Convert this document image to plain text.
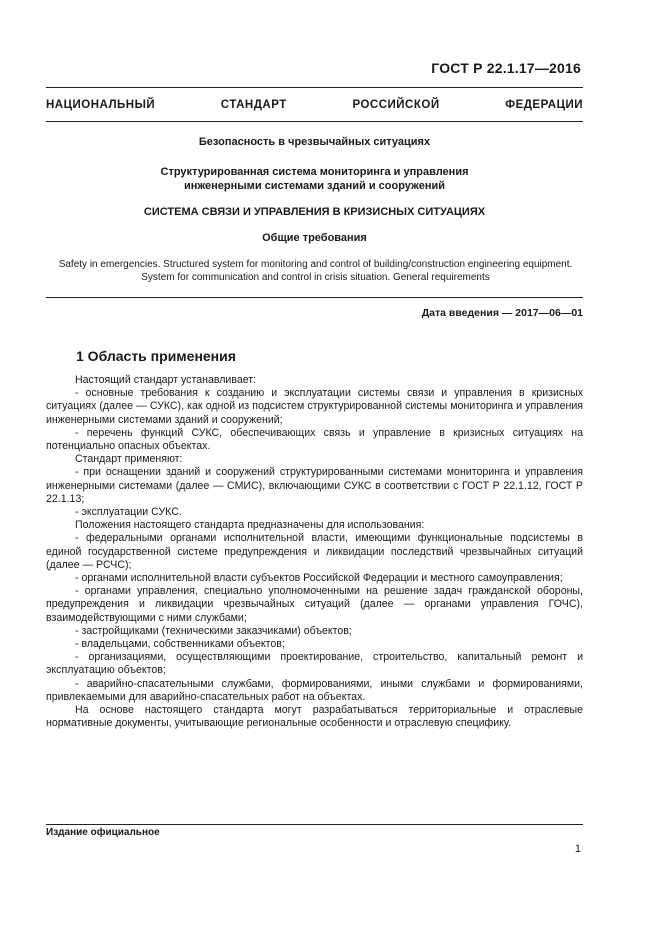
ГОСТ Р 22.1.17—2016
НАЦИОНАЛЬНЫЙ СТАНДАРТ РОССИЙСКОЙ ФЕДЕРАЦИИ
Безопасность в чрезвычайных ситуациях
Структурированная система мониторинга и управления
инженерными системами зданий и сооружений
СИСТЕМА СВЯЗИ И УПРАВЛЕНИЯ В КРИЗИСНЫХ СИТУАЦИЯХ
Общие требования
Safety in emergencies. Structured system for monitoring and control of building/construction engineering equipment.
System for communication and control in crisis situation. General requirements
Дата введения — 2017—06—01
1 Область применения

Настоящий стандарт устанавливает:

- основные требования к созданию и эксплуатации системы связи и управления в кризисных ситуациях (далее — СУКС), как одной из подсистем структурированной системы мониторинга и управления инженерными системами зданий и сооружений;

- перечень функций СУКС, обеспечивающих связь и управление в кризисных ситуациях на потенциально опасных объектах.

Стандарт применяют:

- при оснащении зданий и сооружений структурированными системами мониторинга и управления инженерными системами (далее — СМИС), включающими СУКС в соответствии с ГОСТ Р 22.1.12, ГОСТ Р 22.1.13;

- эксплуатации СУКС.

Положения настоящего стандарта предназначены для использования:

- федеральными органами исполнительной власти, имеющими функциональные подсистемы в единой государственной системе предупреждения и ликвидации последствий чрезвычайных ситуаций (далее — РСЧС);

- органами исполнительной власти субъектов Российской Федерации и местного самоуправления;

- органами управления, специально уполномоченными на решение задач гражданской обороны, предупреждения и ликвидации чрезвычайных ситуаций (далее — органами управления ГОЧС), взаимодействующими с ними службами;

- застройщиками (техническими заказчиками) объектов;

- владельцами, собственниками объектов;

- организациями, осуществляющими проектирование, строительство, капитальный ремонт и эксплуатацию объектов;

- аварийно-спасательными службами, формированиями, иными службами и формированиями, привлекаемыми для аварийно-спасательных работ на объектах.

На основе настоящего стандарта могут разрабатываться территориальные и отраслевые нормативные документы, учитывающие региональные особенности и отраслевую специфику.

Издание официальное
1
